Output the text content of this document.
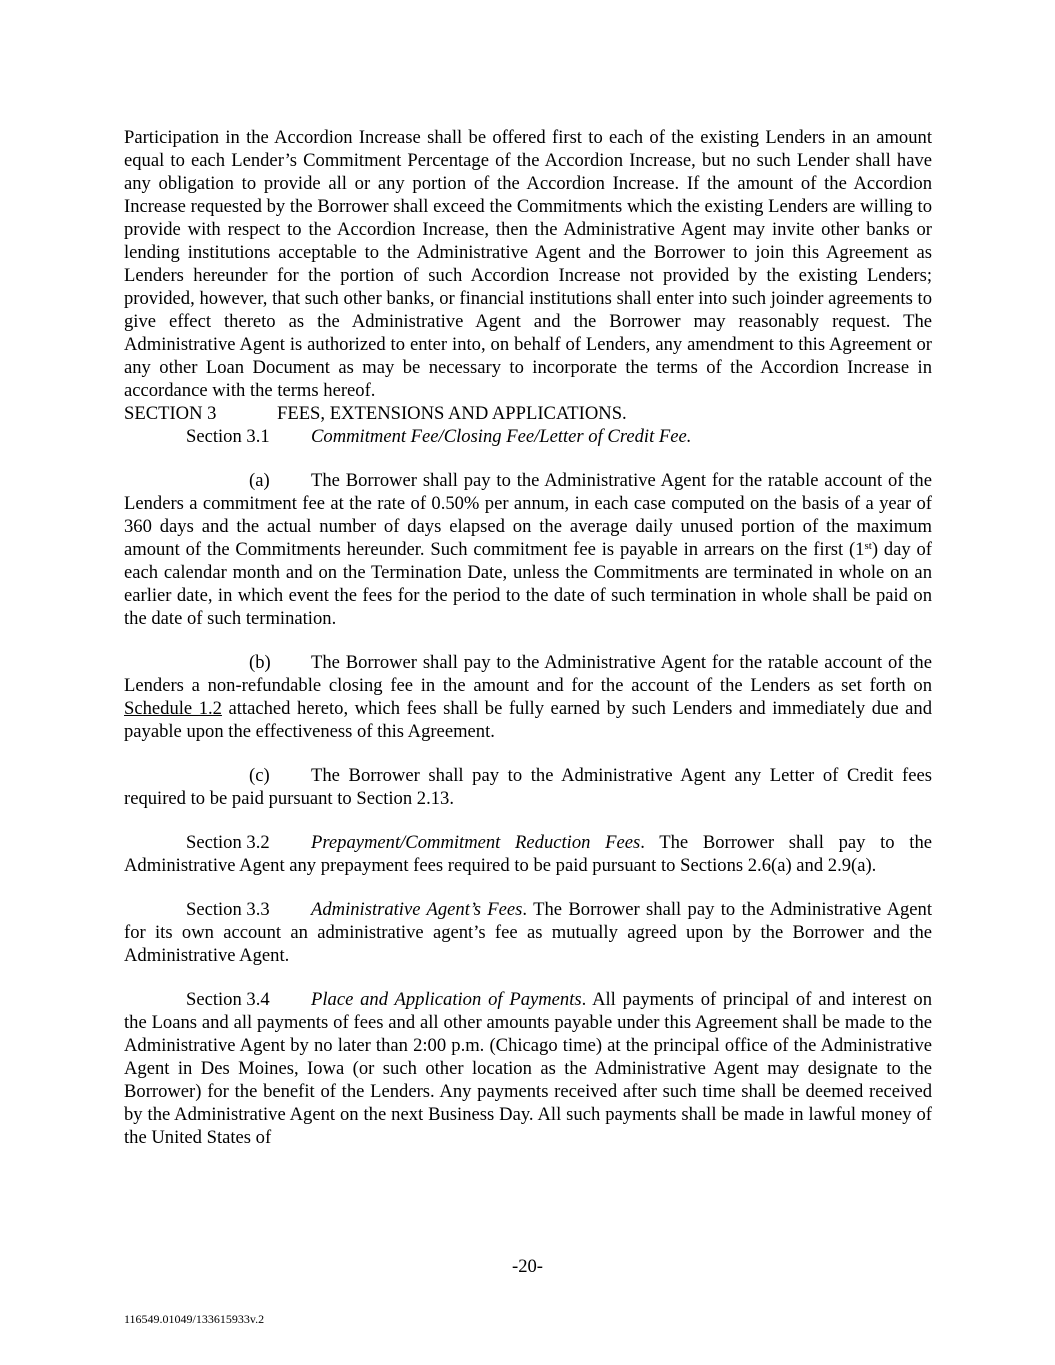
Participation in the Accordion Increase shall be offered first to each of the existing Lenders in an amount equal to each Lender’s Commitment Percentage of the Accordion Increase, but no such Lender shall have any obligation to provide all or any portion of the Accordion Increase. If the amount of the Accordion Increase requested by the Borrower shall exceed the Commitments which the existing Lenders are willing to provide with respect to the Accordion Increase, then the Administrative Agent may invite other banks or lending institutions acceptable to the Administrative Agent and the Borrower to join this Agreement as Lenders hereunder for the portion of such Accordion Increase not provided by the existing Lenders; provided, however, that such other banks, or financial institutions shall enter into such joinder agreements to give effect thereto as the Administrative Agent and the Borrower may reasonably request. The Administrative Agent is authorized to enter into, on behalf of Lenders, any amendment to this Agreement or any other Loan Document as may be necessary to incorporate the terms of the Accordion Increase in accordance with the terms hereof.

SECTION 3	FEES, EXTENSIONS AND APPLICATIONS.

Section 3.1 Commitment Fee/Closing Fee/Letter of Credit Fee.

(a) The Borrower shall pay to the Administrative Agent for the ratable account of the Lenders a commitment fee at the rate of 0.50% per annum, in each case computed on the basis of a year of 360 days and the actual number of days elapsed on the average daily unused portion of the maximum amount of the Commitments hereunder. Such commitment fee is payable in arrears on the first (1st) day of each calendar month and on the Termination Date, unless the Commitments are terminated in whole on an earlier date, in which event the fees for the period to the date of such termination in whole shall be paid on the date of such termination.

(b) The Borrower shall pay to the Administrative Agent for the ratable account of the Lenders a non-refundable closing fee in the amount and for the account of the Lenders as set forth on Schedule 1.2 attached hereto, which fees shall be fully earned by such Lenders and immediately due and payable upon the effectiveness of this Agreement.

(c) The Borrower shall pay to the Administrative Agent any Letter of Credit fees required to be paid pursuant to Section 2.13.

Section 3.2 Prepayment/Commitment Reduction Fees. The Borrower shall pay to the Administrative Agent any prepayment fees required to be paid pursuant to Sections 2.6(a) and 2.9(a).

Section 3.3 Administrative Agent’s Fees. The Borrower shall pay to the Administrative Agent for its own account an administrative agent’s fee as mutually agreed upon by the Borrower and the Administrative Agent.

Section 3.4 Place and Application of Payments. All payments of principal of and interest on the Loans and all payments of fees and all other amounts payable under this Agreement shall be made to the Administrative Agent by no later than 2:00 p.m. (Chicago time) at the principal office of the Administrative Agent in Des Moines, Iowa (or such other location as the Administrative Agent may designate to the Borrower) for the benefit of the Lenders. Any payments received after such time shall be deemed received by the Administrative Agent on the next Business Day. All such payments shall be made in lawful money of the United States of

-20-
116549.01049/133615933v.2
